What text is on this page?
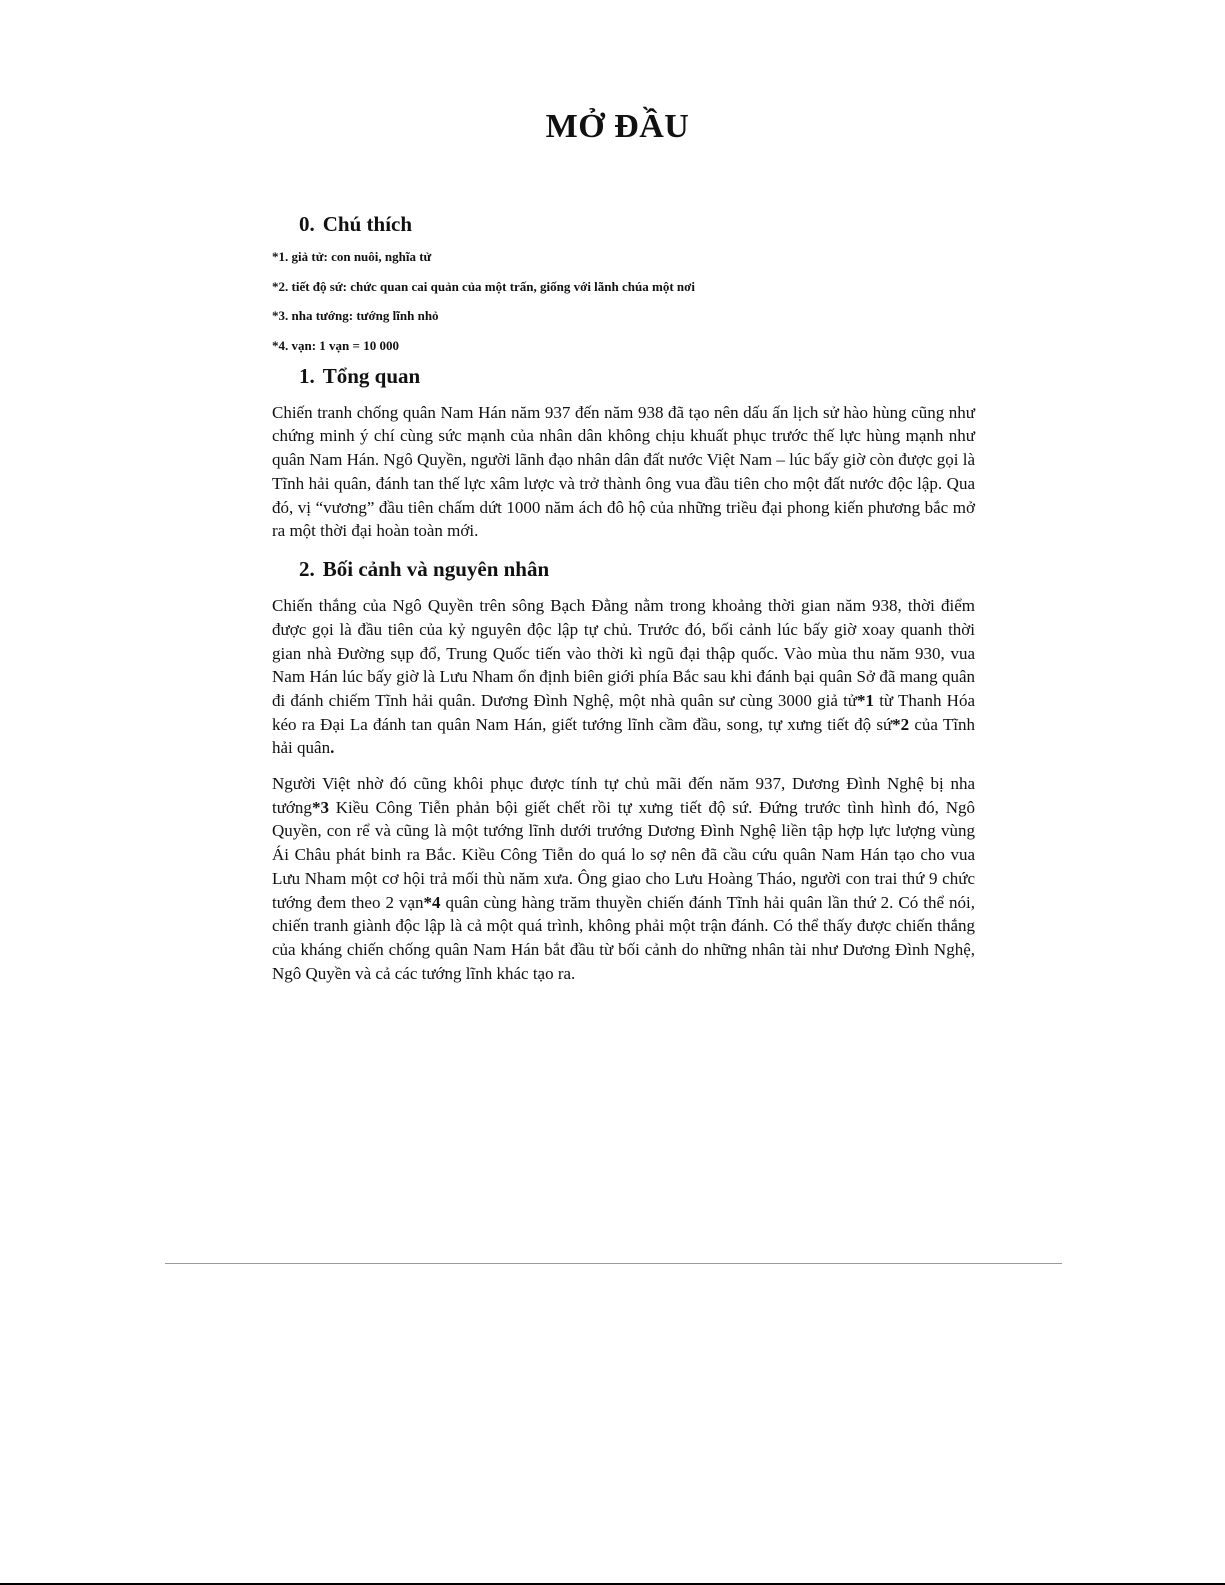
MỞ ĐẦU
0. Chú thích

*1. giả tử: con nuôi, nghĩa tử

*2. tiết độ sứ: chức quan cai quản của một trấn, giống với lãnh chúa một nơi

*3. nha tướng: tướng lĩnh nhỏ

*4. vạn: 1 vạn = 10 000

1. Tổng quan

Chiến tranh chống quân Nam Hán năm 937 đến năm 938 đã tạo nên dấu ấn lịch sử hào hùng cũng như chứng minh ý chí cùng sức mạnh của nhân dân không chịu khuất phục trước thế lực hùng mạnh như quân Nam Hán. Ngô Quyền, người lãnh đạo nhân dân đất nước Việt Nam – lúc bấy giờ còn được gọi là Tĩnh hải quân, đánh tan thế lực xâm lược và trở thành ông vua đầu tiên cho một đất nước độc lập. Qua đó, vị “vương” đầu tiên chấm dứt 1000 năm ách đô hộ của những triều đại phong kiến phương bắc mở ra một thời đại hoàn toàn mới.

2. Bối cảnh và nguyên nhân

Chiến thắng của Ngô Quyền trên sông Bạch Đằng nằm trong khoảng thời gian năm 938, thời điểm được gọi là đầu tiên của kỷ nguyên độc lập tự chủ. Trước đó, bối cảnh lúc bấy giờ xoay quanh thời gian nhà Đường sụp đổ, Trung Quốc tiến vào thời kì ngũ đại thập quốc. Vào mùa thu năm 930, vua Nam Hán lúc bấy giờ là Lưu Nham ổn định biên giới phía Bắc sau khi đánh bại quân Sở đã mang quân đi đánh chiếm Tĩnh hải quân. Dương Đình Nghệ, một nhà quân sư cùng 3000 giả tử*1 từ Thanh Hóa kéo ra Đại La đánh tan quân Nam Hán, giết tướng lĩnh cầm đầu, song, tự xưng tiết độ sứ*2 của Tĩnh hải quân.

Người Việt nhờ đó cũng khôi phục được tính tự chủ mãi đến năm 937, Dương Đình Nghệ bị nha tướng*3 Kiều Công Tiễn phản bội giết chết rồi tự xưng tiết độ sứ. Đứng trước tình hình đó, Ngô Quyền, con rể và cũng là một tướng lĩnh dưới trướng Dương Đình Nghệ liền tập hợp lực lượng vùng Ái Châu phát binh ra Bắc. Kiều Công Tiễn do quá lo sợ nên đã cầu cứu quân Nam Hán tạo cho vua Lưu Nham một cơ hội trả mối thù năm xưa. Ông giao cho Lưu Hoàng Tháo, người con trai thứ 9 chức tướng đem theo 2 vạn*4 quân cùng hàng trăm thuyền chiến đánh Tĩnh hải quân lần thứ 2. Có thể nói, chiến tranh giành độc lập là cả một quá trình, không phải một trận đánh. Có thể thấy được chiến thắng của kháng chiến chống quân Nam Hán bắt đầu từ bối cảnh do những nhân tài như Dương Đình Nghệ, Ngô Quyền và cả các tướng lĩnh khác tạo ra.
